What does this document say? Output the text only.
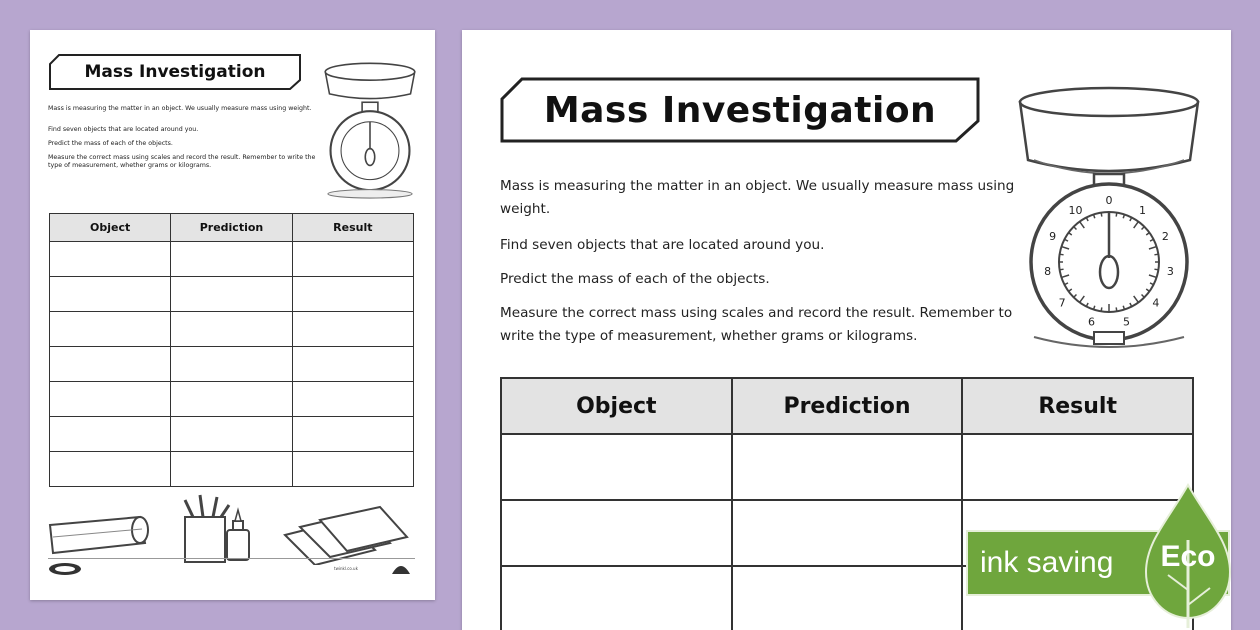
Mass Investigation
Mass is measuring the matter in an object. We usually measure mass using weight.
Find seven objects that are located around you.
Predict the mass of each of the objects.
Measure the correct mass using scales and record the result. Remember to write the type of measurement, whether grams or kilograms.
Object	Prediction	Result

twinkl.co.uk
Mass Investigation
Mass is measuring the matter in an object. We usually measure mass using weight.
Find seven objects that are located around you.
Predict the mass of each of the objects.
Measure the correct mass using scales and record the result. Remember to write the type of measurement, whether grams or kilograms.
0
1
2
3
4
5
6
7
8
9
10
Object	Prediction	Result

ink saving Eco
